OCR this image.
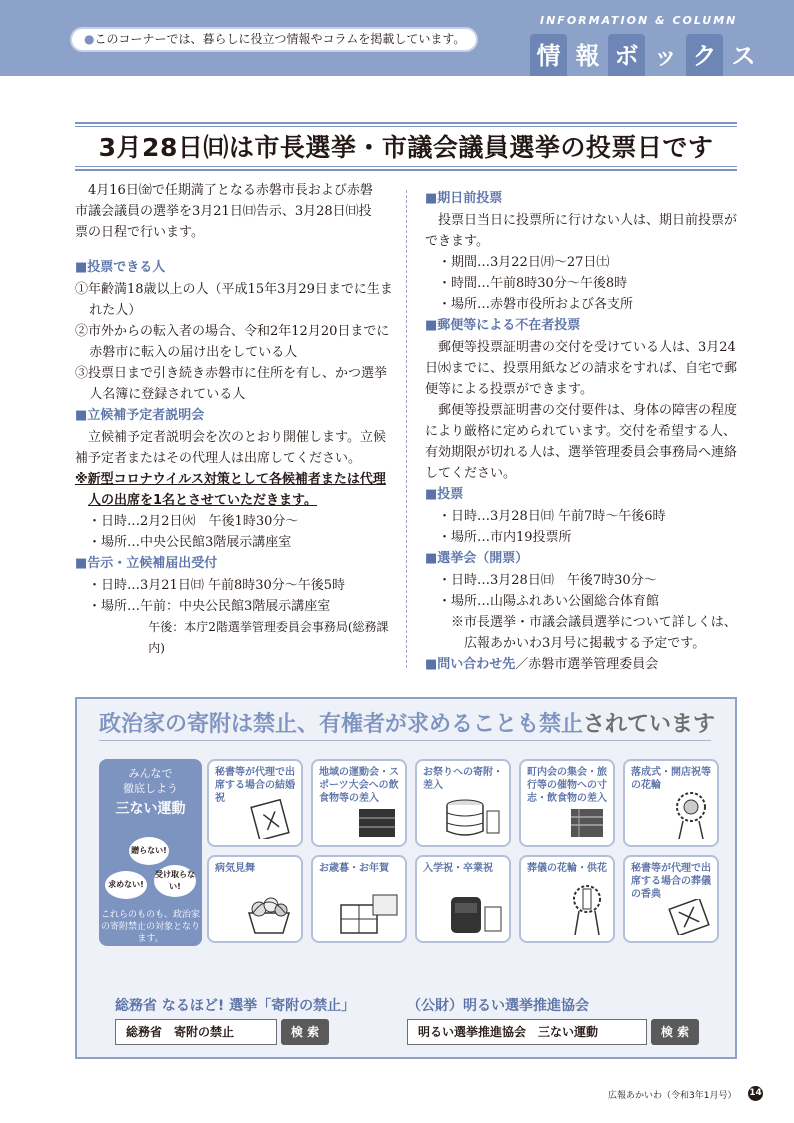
●このコーナーでは、暮らしに役立つ情報やコラムを掲載しています。
INFORMATION & COLUMN
情 報 ボ ッ ク ス
3月28日㈰は市長選挙・市議会議員選挙の投票日です
4月16日㈮で任期満了となる赤磐市長および赤磐
市議会議員の選挙を3月21日㈰告示、3月28日㈰投
票の日程で行います。
■投票できる人
①年齢満18歳以上の人（平成15年3月29日までに生まれた人）
②市外からの転入者の場合、令和2年12月20日までに赤磐市に転入の届け出をしている人
③投票日まで引き続き赤磐市に住所を有し、かつ選挙人名簿に登録されている人
■立候補予定者説明会
立候補予定者説明会を次のとおり開催します。立候補予定者またはその代理人は出席してください。
※新型コロナウイルス対策として各候補者または代理人の出席を1名とさせていただきます。
・日時…2月2日㈫　午後1時30分～
・場所…中央公民館3階展示講座室
■告示・立候補届出受付
・日時…3月21日㈰ 午前8時30分～午後5時
・場所…午前：中央公民館3階展示講座室
午後：本庁2階選挙管理委員会事務局(総務課内)
■期日前投票
投票日当日に投票所に行けない人は、期日前投票ができます。
・期間…3月22日㈪～27日㈯
・時間…午前8時30分～午後8時
・場所…赤磐市役所および各支所
■郵便等による不在者投票
郵便等投票証明書の交付を受けている人は、3月24日㈬までに、投票用紙などの請求をすれば、自宅で郵便等による投票ができます。
郵便等投票証明書の交付要件は、身体の障害の程度により厳格に定められています。交付を希望する人、有効期限が切れる人は、選挙管理委員会事務局へ連絡してください。
■投票
・日時…3月28日㈰ 午前7時～午後6時
・場所…市内19投票所
■選挙会（開票）
・日時…3月28日㈰　午後7時30分～
・場所…山陽ふれあい公園総合体育館
※市長選挙・市議会議員選挙について詳しくは、広報あかいわ3月号に掲載する予定です。
■問い合わせ先／赤磐市選挙管理委員会
政治家の寄附は禁止、有権者が求めることも禁止されています
みんなで
徹底しよう
三ない運動
贈らない!
求めない!
受け取らない!
これらのものも、政治家の寄附禁止の対象となります。
秘書等が代理で出席する場合の結婚祝
地域の運動会・スポーツ大会への飲食物等の差入
お祭りへの寄附・差入
町内会の集会・旅行等の催物への寸志・飲食物の差入
落成式・開店祝等の花輪
病気見舞	お歳暮・お年賀	入学祝・卒業祝	葬儀の花輪・供花	秘書等が代理で出席する場合の葬儀の香典
総務省 なるほど! 選挙「寄附の禁止」
総務省　寄附の禁止	検 索
（公財）明るい選挙推進協会
明るい選挙推進協会　三ない運動	検 索
広報あかいわ（令和3年1月号） 14
